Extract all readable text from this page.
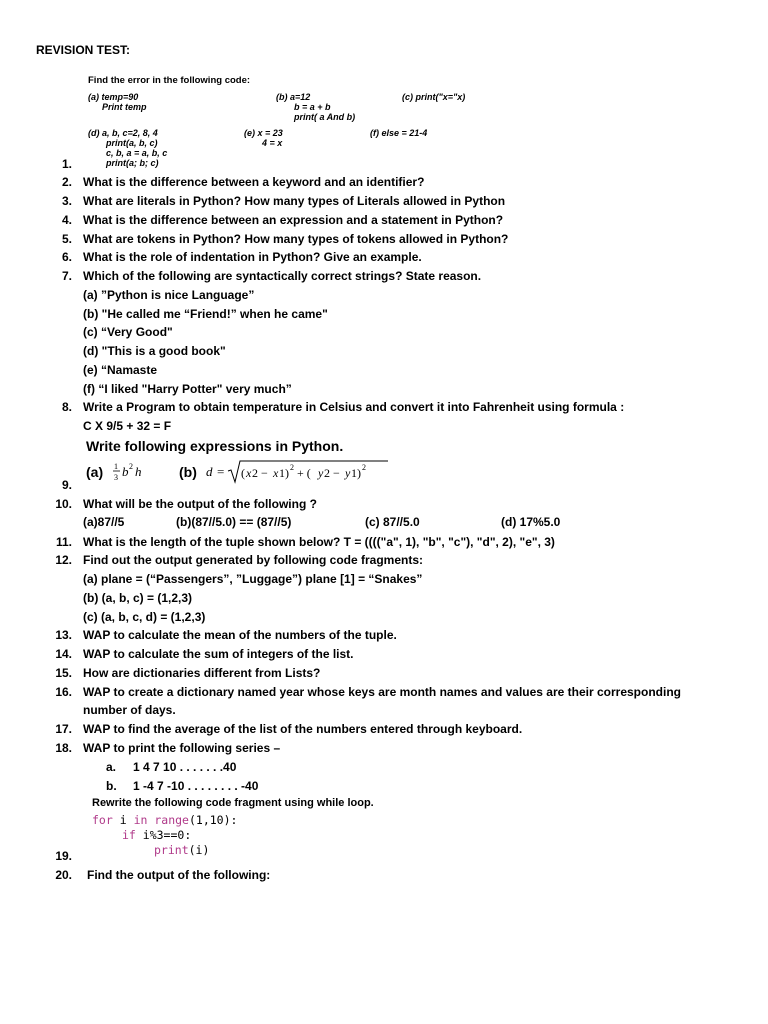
REVISION TEST:
Find the error in the following code:
(a) temp=90
Print temp
(b) a=12
b = a + b
print( a And b)
(c) print("x="x)
(d) a, b, c=2, 8, 4
print(a, b, c)
c, b, a = a, b, c
print(a; b; c)
(e) x = 23
4 = x
(f) else = 21-4
1.
2. What is the difference between a keyword and an identifier?
3. What are literals in Python? How many types of Literals allowed in Python
4. What is the difference between an expression and a statement in Python?
5. What are tokens in Python? How many types of tokens allowed in Python?
6. What is the role of indentation in Python? Give an example.
7. Which of the following are syntactically correct strings? State reason.
(a) ”Python is nice Language”
(b) "He called me “Friend!” when he came"
(c) “Very Good"
(d) "This is a good book"
(e) “Namaste
(f) “I liked "Harry Potter" very much”
8. Write a Program to obtain temperature in Celsius and convert it into Fahrenheit using formula :
C X 9/5 + 32 = F
Write following expressions in Python.
(a) 1
3 b 2 h	(b) d = ( x 2 − x 1) 2 + ( y 2 − y 1) 2
9.
10. What will be the output of the following ?
(a)87//5	(b)(87//5.0) == (87//5)	(c) 87//5.0	(d) 17%5.0
11. What is the length of the tuple shown below? T = (((("a", 1), "b", "c"), "d", 2), "e", 3)
12. Find out the output generated by following code fragments:
(a) plane = (“Passengers”, ”Luggage”) plane [1] = “Snakes”
(b) (a, b, c) = (1,2,3)
(c) (a, b, c, d) = (1,2,3)
13. WAP to calculate the mean of the numbers of the tuple.
14. WAP to calculate the sum of integers of the list.
15. How are dictionaries different from Lists?
16. WAP to create a dictionary named year whose keys are month names and values are their corresponding
number of days.
17. WAP to find the average of the list of the numbers entered through keyboard.
18. WAP to print the following series –
a. 1 4 7 10 . . . . . . .40
b. 1 -4 7 -10 . . . . . . . . -40
Rewrite the following code fragment using while loop.
for i in range(1,10):
if i%3==0:
print(i)
19.
20. Find the output of the following:
